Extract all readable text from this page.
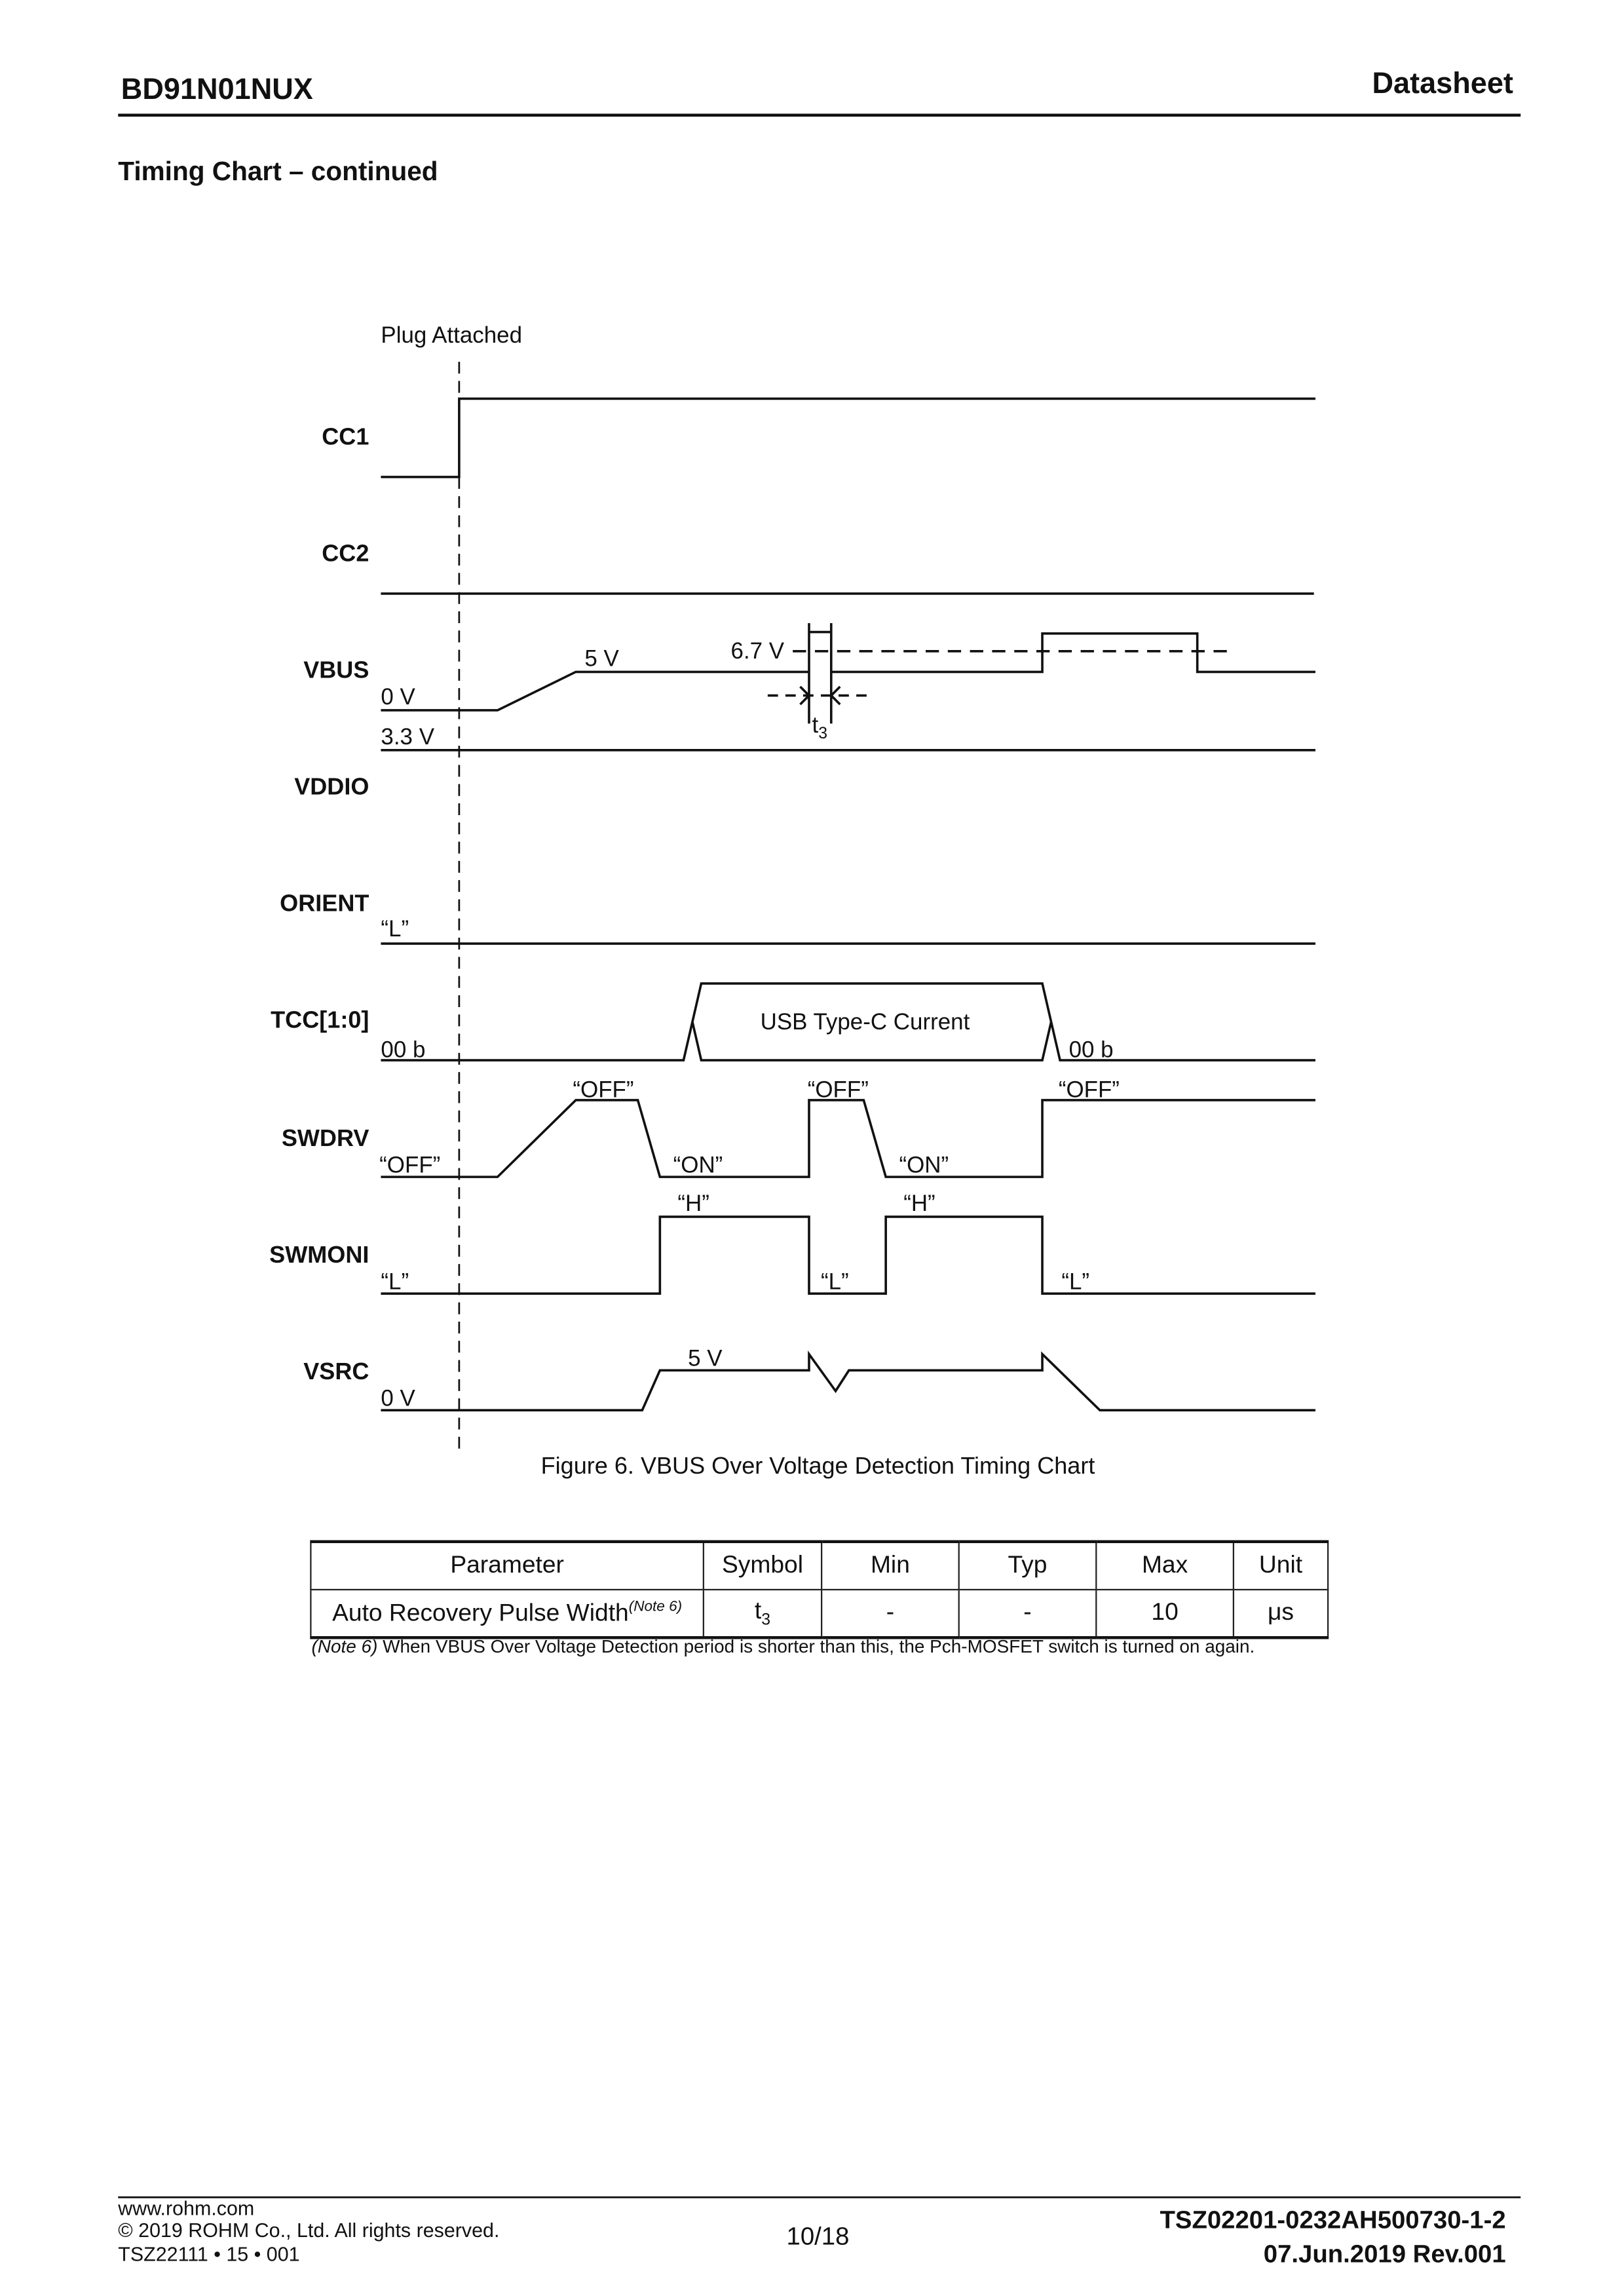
BD91N01NUX	Datasheet
Timing Chart – continued
Plug Attached
CC1
CC2
VBUS
VDDIO
ORIENT
TCC[1:0]
SWDRV
SWMONI
VSRC
0 V
5 V	6.7 V
$t_3$
3.3 V
“L”
00 b
USB Type-C Current
00 b
“OFF”
“OFF”
“ON”
“OFF”
“ON”
“OFF”
“L”
“H”
“L”
“H”
“L”
5 V
0 V
Figure 6. VBUS Over Voltage Detection Timing Chart
Parameter	Symbol	Min	Typ	Max	Unit
Auto Recovery Pulse Width$^{(Note 6)}$	$t_3$	-	-	10	μs
(Note 6) When VBUS Over Voltage Detection period is shorter than this, the Pch-MOSFET switch is turned on again.
www.rohm.com
© 2019 ROHM Co., Ltd. All rights reserved.
TSZ22111 • 15 • 001
10/18
TSZ02201-0232AH500730-1-2
07.Jun.2019 Rev.001
